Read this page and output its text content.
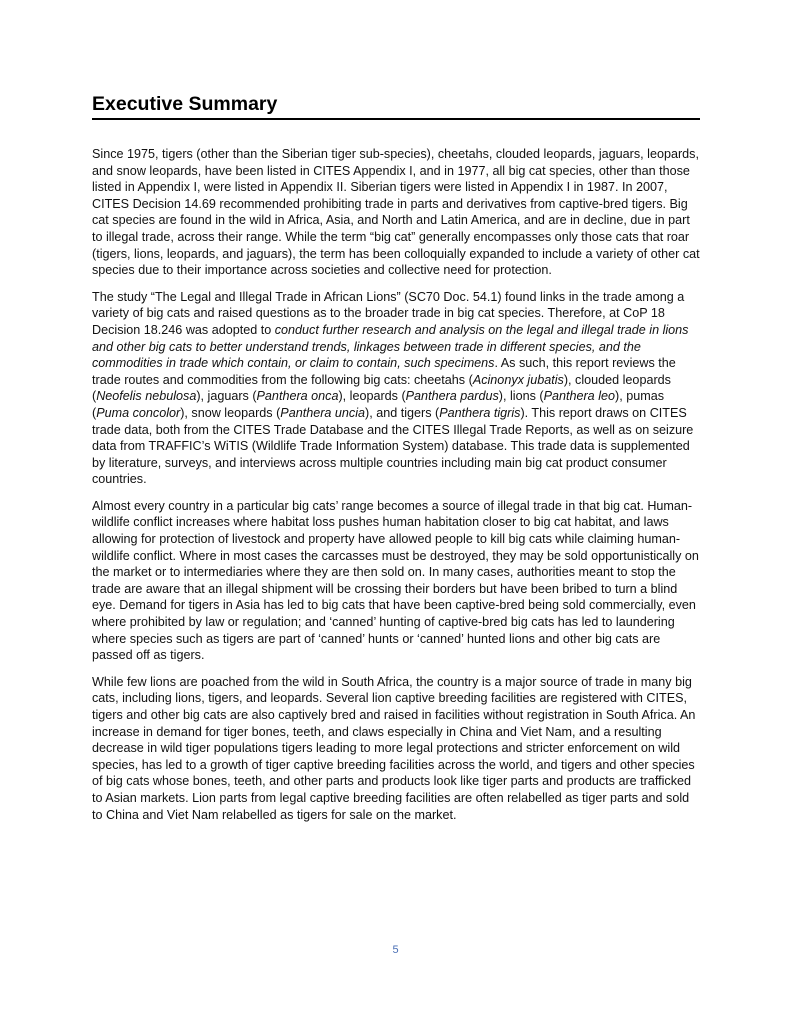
Executive Summary

Since 1975, tigers (other than the Siberian tiger sub-species), cheetahs, clouded leopards, jaguars, leopards, and snow leopards, have been listed in CITES Appendix I, and in 1977, all big cat species, other than those listed in Appendix I, were listed in Appendix II. Siberian tigers were listed in Appendix I in 1987. In 2007, CITES Decision 14.69 recommended prohibiting trade in parts and derivatives from captive-bred tigers. Big cat species are found in the wild in Africa, Asia, and North and Latin America, and are in decline, due in part to illegal trade, across their range. While the term “big cat” generally encompasses only those cats that roar (tigers, lions, leopards, and jaguars), the term has been colloquially expanded to include a variety of other cat species due to their importance across societies and collective need for protection.

The study “The Legal and Illegal Trade in African Lions” (SC70 Doc. 54.1) found links in the trade among a variety of big cats and raised questions as to the broader trade in big cat species. Therefore, at CoP 18 Decision 18.246 was adopted to conduct further research and analysis on the legal and illegal trade in lions and other big cats to better understand trends, linkages between trade in different species, and the commodities in trade which contain, or claim to contain, such specimens. As such, this report reviews the trade routes and commodities from the following big cats: cheetahs (Acinonyx jubatis), clouded leopards (Neofelis nebulosa), jaguars (Panthera onca), leopards (Panthera pardus), lions (Panthera leo), pumas (Puma concolor), snow leopards (Panthera uncia), and tigers (Panthera tigris). This report draws on CITES trade data, both from the CITES Trade Database and the CITES Illegal Trade Reports, as well as on seizure data from TRAFFIC’s WiTIS (Wildlife Trade Information System) database. This trade data is supplemented by literature, surveys, and interviews across multiple countries including main big cat product consumer countries.

Almost every country in a particular big cats’ range becomes a source of illegal trade in that big cat. Human-wildlife conflict increases where habitat loss pushes human habitation closer to big cat habitat, and laws allowing for protection of livestock and property have allowed people to kill big cats while claiming human-wildlife conflict. Where in most cases the carcasses must be destroyed, they may be sold opportunistically on the market or to intermediaries where they are then sold on. In many cases, authorities meant to stop the trade are aware that an illegal shipment will be crossing their borders but have been bribed to turn a blind eye. Demand for tigers in Asia has led to big cats that have been captive-bred being sold commercially, even where prohibited by law or regulation; and ‘canned’ hunting of captive-bred big cats has led to laundering where species such as tigers are part of ‘canned’ hunts or ‘canned’ hunted lions and other big cats are passed off as tigers.

While few lions are poached from the wild in South Africa, the country is a major source of trade in many big cats, including lions, tigers, and leopards. Several lion captive breeding facilities are registered with CITES, tigers and other big cats are also captively bred and raised in facilities without registration in South Africa. An increase in demand for tiger bones, teeth, and claws especially in China and Viet Nam, and a resulting decrease in wild tiger populations tigers leading to more legal protections and stricter enforcement on wild species, has led to a growth of tiger captive breeding facilities across the world, and tigers and other species of big cats whose bones, teeth, and other parts and products look like tiger parts and products are trafficked to Asian markets. Lion parts from legal captive breeding facilities are often relabelled as tiger parts and sold to China and Viet Nam relabelled as tigers for sale on the market.

5
